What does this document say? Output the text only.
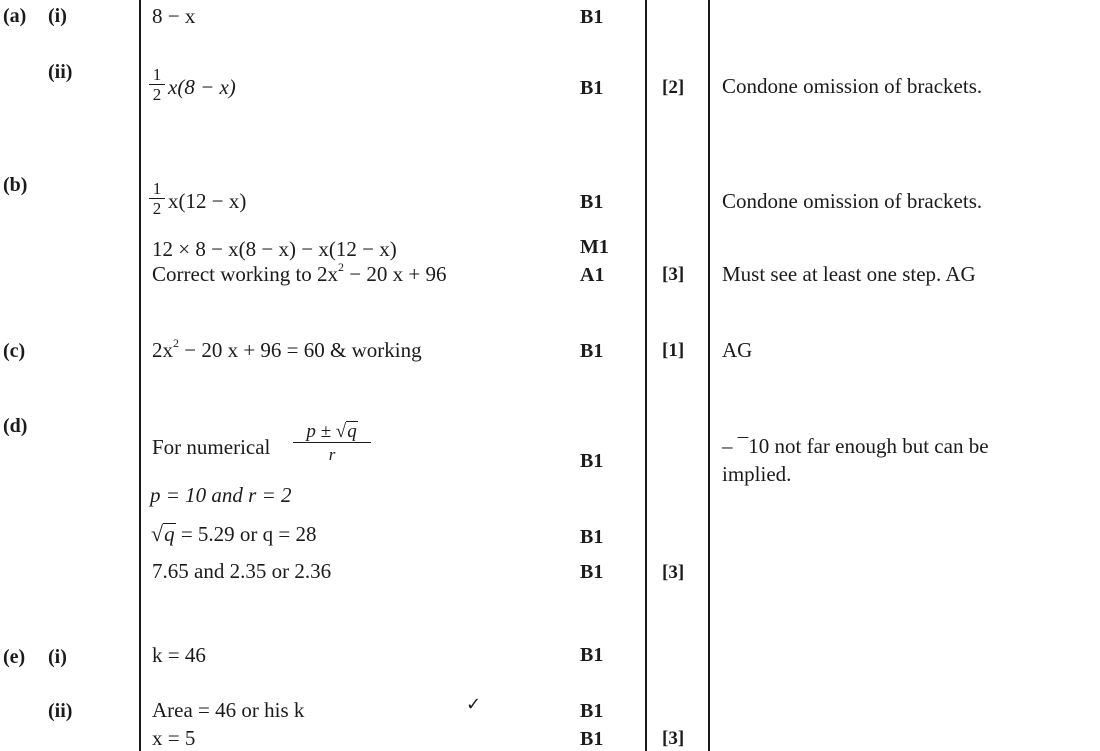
(a) (i)
(ii)
(b)
(c)
(d)
(e) (i)
(ii)
8 − x
1
2 x(8 − x)
1
2 x(12 − x)
12 × 8 − x(8 − x) − x(12 − x)
Correct working to $2x^2 - 20$ x + 96
$2x^2 - 20$ x + 96 = 60 & working
For numerical
p ± √q
r
p = 10 and r = 2
√q = 5.29 or q = 28
7.65 and 2.35 or 2.36
k = 46
Area = 46 or his k	✓
x = 5
B1
B1
B1
M1
A1
B1
B1
B1
B1
B1
B1
B1
[2]
[3]
[1]
[3]
[3]
Condone omission of brackets.
Condone omission of brackets.
Must see at least one step. AG
AG
– ¯10 not far enough but can be
implied.
